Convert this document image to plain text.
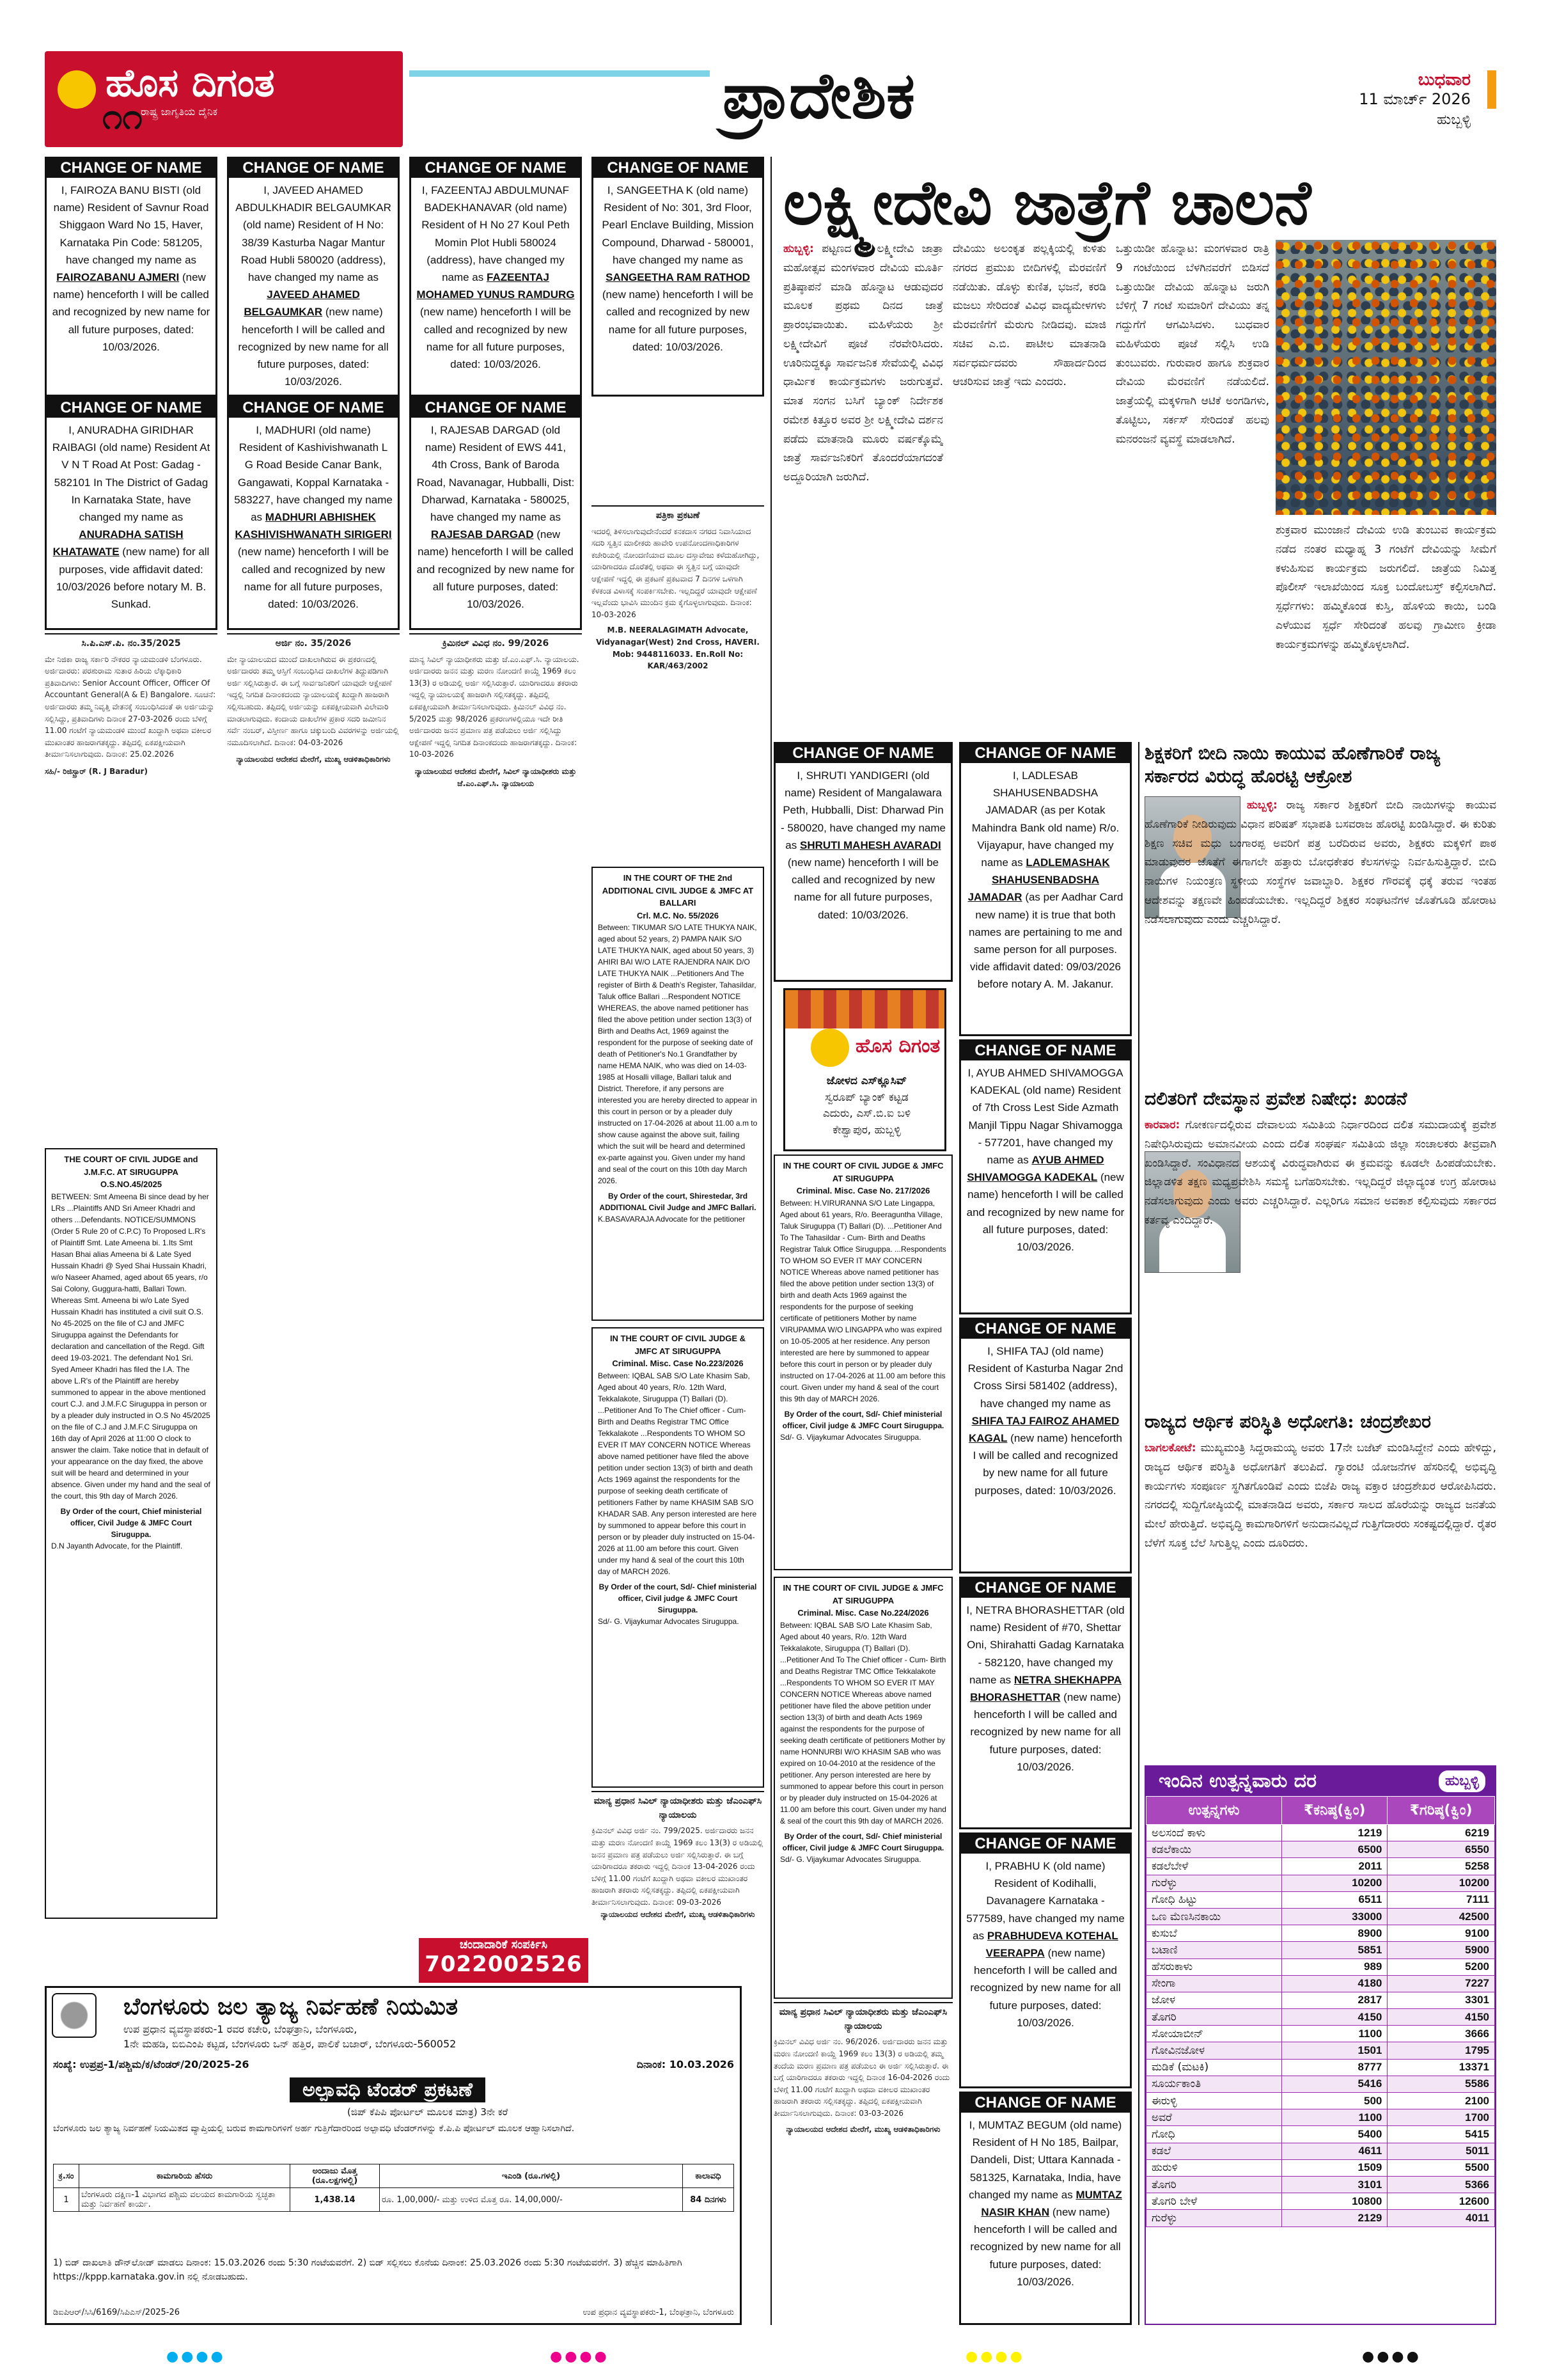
ಹೊಸ ದಿಗಂತ
ರಾಷ್ಟ್ರ ಜಾಗೃತಿಯ ದೈನಿಕ
೧೧	ಪ್ರಾದೇಶಿಕ	ಬುಧವಾರ
11 ಮಾರ್ಚ್ 2026
ಹುಬ್ಬಳ್ಳಿ
CHANGE OF NAME
I, FAIROZA BANU BISTI (old name) Resident of Savnur Road Shiggaon Ward No 15, Haver, Karnataka Pin Code: 581205, have changed my name as FAIROZABANU AJMERI (new name) henceforth I will be called and recognized by new name for all future purposes, dated: 10/03/2026.
CHANGE OF NAME
I, JAVEED AHAMED ABDULKHADIR BELGAUMKAR (old name) Resident of H No: 38/39 Kasturba Nagar Mantur Road Hubli 580020 (address), have changed my name as JAVEED AHAMED BELGAUMKAR (new name) henceforth I will be called and recognized by new name for all future purposes, dated: 10/03/2026.
CHANGE OF NAME
I, FAZEENTAJ ABDULMUNAF BADEKHANAVAR (old name) Resident of H No 27 Koul Peth Momin Plot Hubli 580024 (address), have changed my name as FAZEENTAJ MOHAMED YUNUS RAMDURG (new name) henceforth I will be called and recognized by new name for all future purposes, dated: 10/03/2026.
CHANGE OF NAME
I, SANGEETHA K (old name) Resident of No: 301, 3rd Floor, Pearl Enclave Building, Mission Compound, Dharwad - 580001, have changed my name as SANGEETHA RAM RATHOD (new name) henceforth I will be called and recognized by new name for all future purposes, dated: 10/03/2026.
CHANGE OF NAME
I, ANURADHA GIRIDHAR RAIBAGI (old name) Resident At V N T Road At Post: Gadag - 582101 In The District of Gadag In Karnataka State, have changed my name as ANURADHA SATISH KHATAWATE (new name) for all purposes, vide affidavit dated: 10/03/2026 before notary M. B. Sunkad.
CHANGE OF NAME
I, MADHURI (old name) Resident of Kashivishwanath L G Road Beside Canar Bank, Gangawati, Koppal Karnataka - 583227, have changed my name as MADHURI ABHISHEK KASHIVISHWANATH SIRIGERI (new name) henceforth I will be called and recognized by new name for all future purposes, dated: 10/03/2026.
CHANGE OF NAME
I, RAJESAB DARGAD (old name) Resident of EWS 441, 4th Cross, Bank of Baroda Road, Navanagar, Hubballi, Dist: Dharwad, Karnataka - 580025, have changed my name as RAJESAB DARGAD (new name) henceforth I will be called and recognized by new name for all future purposes, dated: 10/03/2026.
ಪತ್ರಿಕಾ ಪ್ರಕಟಣೆ
ಇದರಲ್ಲಿ ತಿಳಿಸಲಾಗುವುದೇನೆಂದರೆ ಕನಕದಾಸ ನಗರದ ನಿವಾಸಿಯಾದ ಸದರಿ ಸ್ವತ್ತಿನ ಮಾಲೀಕರು ಹಾವೇರಿ ಉಪನೋಂದಣಾಧಿಕಾರಿಗಳ ಕಚೇರಿಯಲ್ಲಿ ನೋಂದಣಿಯಾದ ಮೂಲ ದಸ್ತಾವೇಜು ಕಳೆದುಹೋಗಿದ್ದು, ಯಾರಿಗಾದರೂ ದೊರೆತಲ್ಲಿ ಅಥವಾ ಈ ಸ್ವತ್ತಿನ ಬಗ್ಗೆ ಯಾವುದೇ ಆಕ್ಷೇಪಣೆ ಇದ್ದಲ್ಲಿ ಈ ಪ್ರಕಟಣೆ ಪ್ರಕಟವಾದ 7 ದಿನಗಳ ಒಳಗಾಗಿ ಕೆಳಕಂಡ ವಿಳಾಸಕ್ಕೆ ಸಂಪರ್ಕಿಸಬೇಕು. ಇಲ್ಲದಿದ್ದರೆ ಯಾವುದೇ ಆಕ್ಷೇಪಣೆ ಇಲ್ಲವೆಂದು ಭಾವಿಸಿ ಮುಂದಿನ ಕ್ರಮ ಕೈಗೊಳ್ಳಲಾಗುವುದು. ದಿನಾಂಕ: 10-03-2026
M.B. NEERALAGIMATH Advocate, Vidyanagar(West) 2nd Cross, HAVERI. Mob: 9448116033. En.Roll No: KAR/463/2002
ಸಿ.ಪಿ.ಎಸ್.ಪಿ. ನಂ.35/2025
ಮೇ ನಿಜಿಕಾ ರಾಜ್ಯ ಸರ್ಕಾರಿ ನೌಕರರ ನ್ಯಾಯಮಂಡಳಿ ಬೆಂಗಳೂರು. ಅರ್ಜಿದಾರರು: ಪರಶುರಾಮ ಸುತಾರ ಹಿರಿಯ ಲೆಕ್ಕಾಧಿಕಾರಿ ಪ್ರತಿವಾದಿಗಳು: Senior Account Officer, Officer Of Accountant General(A & E) Bangalore. ಸೂಚನೆ: ಅರ್ಜಿದಾರರು ತಮ್ಮ ನಿವೃತ್ತಿ ವೇತನಕ್ಕೆ ಸಂಬಂಧಿಸಿದಂತೆ ಈ ಅರ್ಜಿಯನ್ನು ಸಲ್ಲಿಸಿದ್ದು, ಪ್ರತಿವಾದಿಗಳು ದಿನಾಂಕ 27-03-2026 ರಂದು ಬೆಳಿಗ್ಗೆ 11.00 ಗಂಟೆಗೆ ನ್ಯಾಯಮಂಡಳಿ ಮುಂದೆ ಖುದ್ದಾಗಿ ಅಥವಾ ವಕೀಲರ ಮುಖಾಂತರ ಹಾಜರಾಗತಕ್ಕದ್ದು. ತಪ್ಪಿದಲ್ಲಿ ಏಕಪಕ್ಷೀಯವಾಗಿ ತೀರ್ಮಾನಿಸಲಾಗುವುದು. ದಿನಾಂಕ: 25.02.2026
ಸಹಿ/- ರಿಜಿಸ್ಟ್ರಾರ್ (R. J Baradur)
ಅರ್ಜಿ ನಂ. 35/2026
ಮೇ ನ್ಯಾಯಾಲಯದ ಮುಂದೆ ದಾಖಲಾಗಿರುವ ಈ ಪ್ರಕರಣದಲ್ಲಿ ಅರ್ಜಿದಾರರು ತಮ್ಮ ಆಸ್ತಿಗೆ ಸಂಬಂಧಿಸಿದ ದಾಖಲೆಗಳ ತಿದ್ದುಪಡಿಗಾಗಿ ಅರ್ಜಿ ಸಲ್ಲಿಸಿರುತ್ತಾರೆ. ಈ ಬಗ್ಗೆ ಸಾರ್ವಜನಿಕರಿಗೆ ಯಾವುದೇ ಆಕ್ಷೇಪಣೆ ಇದ್ದಲ್ಲಿ ನಿಗದಿತ ದಿನಾಂಕದಂದು ನ್ಯಾಯಾಲಯಕ್ಕೆ ಖುದ್ದಾಗಿ ಹಾಜರಾಗಿ ಸಲ್ಲಿಸಬಹುದು. ತಪ್ಪಿದಲ್ಲಿ ಅರ್ಜಿಯನ್ನು ಏಕಪಕ್ಷೀಯವಾಗಿ ವಿಲೇವಾರಿ ಮಾಡಲಾಗುವುದು. ಕಂದಾಯ ದಾಖಲೆಗಳ ಪ್ರಕಾರ ಸದರಿ ಜಮೀನಿನ ಸರ್ವೆ ನಂಬರ್, ವಿಸ್ತೀರ್ಣ ಹಾಗೂ ಚಕ್ಕುಬಂದಿ ವಿವರಗಳನ್ನು ಅರ್ಜಿಯಲ್ಲಿ ನಮೂದಿಸಲಾಗಿದೆ. ದಿನಾಂಕ: 04-03-2026
ನ್ಯಾಯಾಲಯದ ಆದೇಶದ ಮೇರೆಗೆ, ಮುಖ್ಯ ಆಡಳಿತಾಧಿಕಾರಿಗಳು
ಕ್ರಿಮಿನಲ್ ವಿವಿಧ ನಂ. 99/2026
ಮಾನ್ಯ ಸಿವಿಲ್ ನ್ಯಾಯಾಧೀಶರು ಮತ್ತು ಜೆ.ಎಂ.ಎಫ್.ಸಿ. ನ್ಯಾಯಾಲಯ. ಅರ್ಜಿದಾರರು ಜನನ ಮತ್ತು ಮರಣ ನೋಂದಣಿ ಕಾಯ್ದೆ 1969 ಕಲಂ 13(3) ರ ಅಡಿಯಲ್ಲಿ ಅರ್ಜಿ ಸಲ್ಲಿಸಿರುತ್ತಾರೆ. ಯಾರಿಗಾದರೂ ತಕರಾರು ಇದ್ದಲ್ಲಿ ನ್ಯಾಯಾಲಯಕ್ಕೆ ಹಾಜರಾಗಿ ಸಲ್ಲಿಸತಕ್ಕದ್ದು. ತಪ್ಪಿದಲ್ಲಿ ಏಕಪಕ್ಷೀಯವಾಗಿ ತೀರ್ಮಾನಿಸಲಾಗುವುದು. ಕ್ರಿಮಿನಲ್ ವಿವಿಧ ನಂ. 5/2025 ಮತ್ತು 98/2026 ಪ್ರಕರಣಗಳಲ್ಲಿಯೂ ಇದೇ ರೀತಿ ಅರ್ಜಿದಾರರು ಜನನ ಪ್ರಮಾಣ ಪತ್ರ ಪಡೆಯಲು ಅರ್ಜಿ ಸಲ್ಲಿಸಿದ್ದು ಆಕ್ಷೇಪಣೆ ಇದ್ದಲ್ಲಿ ನಿಗದಿತ ದಿನಾಂಕದಂದು ಹಾಜರಾಗತಕ್ಕದ್ದು. ದಿನಾಂಕ: 10-03-2026
ನ್ಯಾಯಾಲಯದ ಆದೇಶದ ಮೇರೆಗೆ, ಸಿವಿಲ್ ನ್ಯಾಯಾಧೀಶರು ಮತ್ತು ಜೆ.ಎಂ.ಎಫ್.ಸಿ. ನ್ಯಾಯಾಲಯ
ಚಂದಾದಾರಿಕೆ ಸಂಪರ್ಕಿಸಿ
7022002526
THE COURT OF CIVIL JUDGE and J.M.F.C. AT SIRUGUPPA
O.S.NO.45/2025
BETWEEN: Smt Ameena Bi since dead by her LRs ...Plaintiffs AND Sri Ameer Khadri and others ...Defendants. NOTICE/SUMMONS (Order 5 Rule 20 of C.P.C) To Proposed L.R's of Plaintiff Smt. Late Ameena bi. 1.Its Smt Hasan Bhai alias Ameena bi & Late Syed Hussain Khadri @ Syed Shai Hussain Khadri, w/o Naseer Ahamed, aged about 65 years, r/o Sai Colony, Guggura-hatti, Ballari Town. Whereas Smt. Ameena bi w/o Late Syed Hussain Khadri has instituted a civil suit O.S. No 45-2025 on the file of CJ and JMFC Siruguppa against the Defendants for declaration and cancellation of the Regd. Gift deed 19-03-2021. The defendant No1 Sri. Syed Ameer Khadri has filed the I.A. The above L.R's of the Plaintiff are hereby summoned to appear in the above mentioned court C.J. and J.M.F.C Siruguppa in person or by a pleader duly instructed in O.S No 45/2025 on the file of C.J and J.M.F.C Siruguppa on 16th day of April 2026 at 11:00 O clock to answer the claim. Take notice that in default of your appearance on the day fixed, the above suit will be heard and determined in your absence. Given under my hand and the seal of the court, this 9th day of March 2026.
By Order of the court, Chief ministerial officer, Civil Judge & JMFC Court Siruguppa.
D.N Jayanth Advocate, for the Plaintiff.
IN THE COURT OF THE 2nd ADDITIONAL CIVIL JUDGE & JMFC AT BALLARI
Crl. M.C. No. 55/2026
Between: TIKUMAR S/O LATE THUKYA NAIK, aged about 52 years, 2) PAMPA NAIK S/O LATE THUKYA NAIK, aged about 50 years, 3) AHIRI BAI W/O LATE RAJENDRA NAIK D/O LATE THUKYA NAIK ...Petitioners And The register of Birth & Death's Register, Tahasildar, Taluk office Ballari ...Respondent NOTICE WHEREAS, the above named petitioner has filed the above petition under section 13(3) of Birth and Deaths Act, 1969 against the respondent for the purpose of seeking date of death of Petitioner's No.1 Grandfather by name HEMA NAIK, who was died on 14-03-1985 at Hosalli village, Ballari taluk and District. Therefore, if any persons are interested you are hereby directed to appear in this court in person or by a pleader duly instructed on 17-04-2026 at about 11.00 a.m to show cause against the above suit, failing which the suit will be heard and determined ex-parte against you. Given under my hand and seal of the court on this 10th day March 2026.
By Order of the court, Shirestedar, 3rd ADDITIONAL Civil Judge and JMFC Ballari.
K.BASAVARAJA Advocate for the petitioner
IN THE COURT OF CIVIL JUDGE & JMFC AT SIRUGUPPA
Criminal. Misc. Case No.223/2026
Between: IQBAL SAB S/O Late Khasim Sab, Aged about 40 years, R/o. 12th Ward, Tekkalakote, Siruguppa (T) Ballari (D). ...Petitioner And To The Chief officer - Cum- Birth and Deaths Registrar TMC Office Tekkalakote ...Respondents TO WHOM SO EVER IT MAY CONCERN NOTICE Whereas above named petitioner have filed the above petition under section 13(3) of birth and death Acts 1969 against the respondents for the purpose of seeking death certificate of petitioners Father by name KHASIM SAB S/O KHADAR SAB. Any person interested are here by summoned to appear before this court in person or by pleader duly instructed on 15-04-2026 at 11.00 am before this court. Given under my hand & seal of the court this 10th day of MARCH 2026.
By Order of the court, Sd/- Chief ministerial officer, Civil judge & JMFC Court Siruguppa.
Sd/- G. Vijaykumar Advocates Siruguppa.
ಮಾನ್ಯ ಪ್ರಧಾನ ಸಿವಿಲ್ ನ್ಯಾಯಾಧೀಶರು ಮತ್ತು ಜೆಎಂಎಫ್‌ಸಿ ನ್ಯಾಯಾಲಯ
ಕ್ರಿಮಿನಲ್ ವಿವಿಧ ಅರ್ಜಿ ನಂ. 799/2025. ಅರ್ಜಿದಾರರು ಜನನ ಮತ್ತು ಮರಣ ನೋಂದಣಿ ಕಾಯ್ದೆ 1969 ಕಲಂ 13(3) ರ ಅಡಿಯಲ್ಲಿ ಜನನ ಪ್ರಮಾಣ ಪತ್ರ ಪಡೆಯಲು ಅರ್ಜಿ ಸಲ್ಲಿಸಿರುತ್ತಾರೆ. ಈ ಬಗ್ಗೆ ಯಾರಿಗಾದರೂ ತಕರಾರು ಇದ್ದಲ್ಲಿ ದಿನಾಂಕ 13-04-2026 ರಂದು ಬೆಳಿಗ್ಗೆ 11.00 ಗಂಟೆಗೆ ಖುದ್ದಾಗಿ ಅಥವಾ ವಕೀಲರ ಮುಖಾಂತರ ಹಾಜರಾಗಿ ತಕರಾರು ಸಲ್ಲಿಸತಕ್ಕದ್ದು. ತಪ್ಪಿದಲ್ಲಿ ಏಕಪಕ್ಷೀಯವಾಗಿ ತೀರ್ಮಾನಿಸಲಾಗುವುದು. ದಿನಾಂಕ: 09-03-2026
ನ್ಯಾಯಾಲಯದ ಆದೇಶದ ಮೇರೆಗೆ, ಮುಖ್ಯ ಆಡಳಿತಾಧಿಕಾರಿಗಳು
ಲಕ್ಷ್ಮೀದೇವಿ ಜಾತ್ರೆಗೆ ಚಾಲನೆ
ಹುಬ್ಬಳ್ಳಿ: ಪಟ್ಟಣದ ಶ್ರೀ ಲಕ್ಷ್ಮೀದೇವಿ ಜಾತ್ರಾ ಮಹೋತ್ಸವ ಮಂಗಳವಾರ ದೇವಿಯ ಮೂರ್ತಿ ಪ್ರತಿಷ್ಠಾಪನೆ ಮಾಡಿ ಹೊನ್ನಾಟ ಆಡುವುದರ ಮೂಲಕ ಪ್ರಥಮ ದಿನದ ಜಾತ್ರೆ ಪ್ರಾರಂಭವಾಯಿತು. ಮಹಿಳೆಯರು ಶ್ರೀ ಲಕ್ಷ್ಮೀದೇವಿಗೆ ಪೂಜೆ ನೆರವೇರಿಸಿದರು. ಊರಿನುದ್ದಕ್ಕೂ ಸಾರ್ವಜನಿಕ ಸೇವೆಯಲ್ಲಿ ವಿವಿಧ ಧಾರ್ಮಿಕ ಕಾರ್ಯಕ್ರಮಗಳು ಜರುಗುತ್ತವೆ. ಮಾತ ಸಂಗನ ಬಸಿಗೆ ಬ್ಯಾಂಕ್ ನಿರ್ದೇಶಕ ರಮೇಶ ಕಿತ್ತೂರ ಅವರ ಶ್ರೀ ಲಕ್ಷ್ಮೀದೇವಿ ದರ್ಶನ ಪಡೆದು ಮಾತನಾಡಿ ಮೂರು ವರ್ಷಕ್ಕೊಮ್ಮೆ ಜಾತ್ರೆ ಸಾರ್ವಜನಿಕರಿಗೆ ತೊಂದರೆಯಾಗದಂತೆ ಅದ್ದೂರಿಯಾಗಿ ಜರುಗಿದೆ.
ದೇವಿಯು ಅಲಂಕೃತ ಪಲ್ಲಕ್ಕಿಯಲ್ಲಿ ಕುಳಿತು ನಗರದ ಪ್ರಮುಖ ಬೀದಿಗಳಲ್ಲಿ ಮೆರವಣಿಗೆ ನಡೆಯಿತು. ಡೊಳ್ಳು ಕುಣಿತ, ಭಜನೆ, ಕರಡಿ ಮಜಲು ಸೇರಿದಂತೆ ವಿವಿಧ ವಾದ್ಯಮೇಳಗಳು ಮೆರವಣಿಗೆಗೆ ಮೆರುಗು ನೀಡಿದವು. ಮಾಜಿ ಸಚಿವ ಎ.ಬಿ. ಪಾಟೀಲ ಮಾತನಾಡಿ ಸರ್ವಧರ್ಮದವರು ಸೌಹಾರ್ದದಿಂದ ಆಚರಿಸುವ ಜಾತ್ರೆ ಇದು ಎಂದರು.
ಒತ್ತುಯಿಡೀ ಹೊನ್ನಾಟ: ಮಂಗಳವಾರ ರಾತ್ರಿ 9 ಗಂಟೆಯಿಂದ ಬೆಳಗಿನವರೆಗೆ ಬಿಡಿಸದೆ ಒತ್ತುಯಿಡೀ ದೇವಿಯ ಹೊನ್ನಾಟ ಜರುಗಿ ಬೆಳಿಗ್ಗೆ 7 ಗಂಟೆ ಸುಮಾರಿಗೆ ದೇವಿಯು ತನ್ನ ಗದ್ದುಗೆಗೆ ಆಗಮಿಸಿದಳು. ಬುಧವಾರ ಮಹಿಳೆಯರು ಪೂಜೆ ಸಲ್ಲಿಸಿ ಉಡಿ ತುಂಬುವರು. ಗುರುವಾರ ಹಾಗೂ ಶುಕ್ರವಾರ ದೇವಿಯ ಮೆರವಣಿಗೆ ನಡೆಯಲಿದೆ. ಜಾತ್ರೆಯಲ್ಲಿ ಮಕ್ಕಳಿಗಾಗಿ ಆಟಿಕೆ ಅಂಗಡಿಗಳು, ತೊಟ್ಟಿಲು, ಸರ್ಕಸ್ ಸೇರಿದಂತೆ ಹಲವು ಮನರಂಜನೆ ವ್ಯವಸ್ಥೆ ಮಾಡಲಾಗಿದೆ.
ಶುಕ್ರವಾರ ಮುಂಜಾನೆ ದೇವಿಯ ಉಡಿ ತುಂಬುವ ಕಾರ್ಯಕ್ರಮ ನಡೆದ ನಂತರ ಮಧ್ಯಾಹ್ನ 3 ಗಂಟೆಗೆ ದೇವಿಯನ್ನು ಸೀಮೆಗೆ ಕಳುಹಿಸುವ ಕಾರ್ಯಕ್ರಮ ಜರುಗಲಿದೆ. ಜಾತ್ರೆಯ ನಿಮಿತ್ತ ಪೊಲೀಸ್ ಇಲಾಖೆಯಿಂದ ಸೂಕ್ತ ಬಂದೋಬಸ್ತ್ ಕಲ್ಪಿಸಲಾಗಿದೆ. ಸ್ಪರ್ಧೆಗಳು: ಹಮ್ಮಿಕೊಂಡ ಕುಸ್ತಿ, ಹೊಳಿಯ ಕಾಯಿ, ಬಂಡಿ ಎಳೆಯುವ ಸ್ಪರ್ಧೆ ಸೇರಿದಂತೆ ಹಲವು ಗ್ರಾಮೀಣ ಕ್ರೀಡಾ ಕಾರ್ಯಕ್ರಮಗಳನ್ನು ಹಮ್ಮಿಕೊಳ್ಳಲಾಗಿದೆ.
CHANGE OF NAME
I, SHRUTI YANDIGERI (old name) Resident of Mangalawara Peth, Hubballi, Dist: Dharwad Pin - 580020, have changed my name as SHRUTI MAHESH AVARADI (new name) henceforth I will be called and recognized by new name for all future purposes, dated: 10/03/2026.
CHANGE OF NAME
I, LADLESAB SHAHUSENBADSHA JAMADAR (as per Kotak Mahindra Bank old name) R/o. Vijayapur, have changed my name as LADLEMASHAK SHAHUSENBADSHA JAMADAR (as per Aadhar Card new name) it is true that both names are pertaining to me and same person for all purposes. vide affidavit dated: 09/03/2026 before notary A. M. Jakanur.
CHANGE OF NAME
I, AYUB AHMED SHIVAMOGGA KADEKAL (old name) Resident of 7th Cross Lest Side Azmath Manjil Tippu Nagar Shivamogga - 577201, have changed my name as AYUB AHMED SHIVAMOGGA KADEKAL (new name) henceforth I will be called and recognized by new name for all future purposes, dated: 10/03/2026.
CHANGE OF NAME
I, SHIFA TAJ (old name) Resident of Kasturba Nagar 2nd Cross Sirsi 581402 (address), have changed my name as SHIFA TAJ FAIROZ AHAMED KAGAL (new name) henceforth I will be called and recognized by new name for all future purposes, dated: 10/03/2026.
CHANGE OF NAME
I, NETRA BHORASHETTAR (old name) Resident of #70, Shettar Oni, Shirahatti Gadag Karnataka - 582120, have changed my name as NETRA SHEKHAPPA BHORASHETTAR (new name) henceforth I will be called and recognized by new name for all future purposes, dated: 10/03/2026.
CHANGE OF NAME
I, PRABHU K (old name) Resident of Kodihalli, Davanagere Karnataka - 577589, have changed my name as PRABHUDEVA KOTEHAL VEERAPPA (new name) henceforth I will be called and recognized by new name for all future purposes, dated: 10/03/2026.
CHANGE OF NAME
I, MUMTAZ BEGUM (old name) Resident of H No 185, Bailpar, Dandeli, Dist; Uttara Kannada - 581325, Karnataka, India, have changed my name as MUMTAZ NASIR KHAN (new name) henceforth I will be called and recognized by new name for all future purposes, dated: 10/03/2026.
ಹೊಸ ದಿಗಂತ
ಜೋಳದ ಎಸ್‌ಕ್ಲೂಸಿವ್
ಸ್ವರೂಪ್ ಬ್ಯಾಂಕ್ ಕಟ್ಟಡ
ಎದುರು, ಎಸ್.ಬಿ.ಐ ಬಳಿ
ಕೇಶ್ವಾಪುರ, ಹುಬ್ಬಳ್ಳಿ
IN THE COURT OF CIVIL JUDGE & JMFC AT SIRUGUPPA
Criminal. Misc. Case No. 217/2026
Between: H.VIRURANNA S/O Late Lingappa, Aged about 61 years, R/o. Beeraguntha Village, Taluk Siruguppa (T) Ballari (D). ...Petitioner And To The Tahasildar - Cum- Birth and Deaths Registrar Taluk Office Siruguppa. ...Respondents TO WHOM SO EVER IT MAY CONCERN NOTICE Whereas above named petitioner has filed the above petition under section 13(3) of birth and death Acts 1969 against the respondents for the purpose of seeking certificate of petitioners Mother by name VIRUPAMMA W/O LINGAPPA who was expired on 10-05-2005 at her residence. Any person interested are here by summoned to appear before this court in person or by pleader duly instructed on 17-04-2026 at 11.00 am before this court. Given under my hand & seal of the court this 9th day of MARCH 2026.
By Order of the court, Sd/- Chief ministerial officer, Civil judge & JMFC Court Siruguppa.
Sd/- G. Vijaykumar Advocates Siruguppa.
IN THE COURT OF CIVIL JUDGE & JMFC AT SIRUGUPPA
Criminal. Misc. Case No.224/2026
Between: IQBAL SAB S/O Late Khasim Sab, Aged about 40 years, R/o. 12th Ward Tekkalakote, Siruguppa (T) Ballari (D). ...Petitioner And To The Chief officer - Cum- Birth and Deaths Registrar TMC Office Tekkalakote ...Respondents TO WHOM SO EVER IT MAY CONCERN NOTICE Whereas above named petitioner have filed the above petition under section 13(3) of birth and death Acts 1969 against the respondents for the purpose of seeking death certificate of petitioners Mother by name HONNURBI W/O KHASIM SAB who was expired on 10-04-2010 at the residence of the petitioner. Any person interested are here by summoned to appear before this court in person or by pleader duly instructed on 15-04-2026 at 11.00 am before this court. Given under my hand & seal of the court this 9th day of MARCH 2026.
By Order of the court, Sd/- Chief ministerial officer, Civil judge & JMFC Court Siruguppa.
Sd/- G. Vijaykumar Advocates Siruguppa.
ಮಾನ್ಯ ಪ್ರಧಾನ ಸಿವಿಲ್ ನ್ಯಾಯಾಧೀಶರು ಮತ್ತು ಜೆಎಂಎಫ್‌ಸಿ ನ್ಯಾಯಾಲಯ
ಕ್ರಿಮಿನಲ್ ವಿವಿಧ ಅರ್ಜಿ ನಂ. 96/2026. ಅರ್ಜಿದಾರರು ಜನನ ಮತ್ತು ಮರಣ ನೋಂದಣಿ ಕಾಯ್ದೆ 1969 ಕಲಂ 13(3) ರ ಅಡಿಯಲ್ಲಿ ತಮ್ಮ ತಂದೆಯ ಮರಣ ಪ್ರಮಾಣ ಪತ್ರ ಪಡೆಯಲು ಈ ಅರ್ಜಿ ಸಲ್ಲಿಸಿರುತ್ತಾರೆ. ಈ ಬಗ್ಗೆ ಯಾರಿಗಾದರೂ ತಕರಾರು ಇದ್ದಲ್ಲಿ ದಿನಾಂಕ 16-04-2026 ರಂದು ಬೆಳಿಗ್ಗೆ 11.00 ಗಂಟೆಗೆ ಖುದ್ದಾಗಿ ಅಥವಾ ವಕೀಲರ ಮುಖಾಂತರ ಹಾಜರಾಗಿ ತಕರಾರು ಸಲ್ಲಿಸತಕ್ಕದ್ದು. ತಪ್ಪಿದಲ್ಲಿ ಏಕಪಕ್ಷೀಯವಾಗಿ ತೀರ್ಮಾನಿಸಲಾಗುವುದು. ದಿನಾಂಕ: 03-03-2026
ನ್ಯಾಯಾಲಯದ ಆದೇಶದ ಮೇರೆಗೆ, ಮುಖ್ಯ ಆಡಳಿತಾಧಿಕಾರಿಗಳು
ಶಿಕ್ಷಕರಿಗೆ ಬೀದಿ ನಾಯಿ ಕಾಯುವ ಹೊಣೆಗಾರಿಕೆ ರಾಜ್ಯ ಸರ್ಕಾರದ ವಿರುದ್ಧ ಹೊರಟ್ಟಿ ಆಕ್ರೋಶ
ಹುಬ್ಬಳ್ಳಿ: ರಾಜ್ಯ ಸರ್ಕಾರ ಶಿಕ್ಷಕರಿಗೆ ಬೀದಿ ನಾಯಿಗಳನ್ನು ಕಾಯುವ ಹೊಣೆಗಾರಿಕೆ ನೀಡಿರುವುದು ವಿಧಾನ ಪರಿಷತ್ ಸಭಾಪತಿ ಬಸವರಾಜ ಹೊರಟ್ಟಿ ಖಂಡಿಸಿದ್ದಾರೆ. ಈ ಕುರಿತು ಶಿಕ್ಷಣ ಸಚಿವ ಮಧು ಬಂಗಾರಪ್ಪ ಅವರಿಗೆ ಪತ್ರ ಬರೆದಿರುವ ಅವರು, ಶಿಕ್ಷಕರು ಮಕ್ಕಳಿಗೆ ಪಾಠ ಮಾಡುವುದರ ಜೊತೆಗೆ ಈಗಾಗಲೇ ಹತ್ತಾರು ಬೋಧಕೇತರ ಕೆಲಸಗಳನ್ನು ನಿರ್ವಹಿಸುತ್ತಿದ್ದಾರೆ. ಬೀದಿ ನಾಯಿಗಳ ನಿಯಂತ್ರಣ ಸ್ಥಳೀಯ ಸಂಸ್ಥೆಗಳ ಜವಾಬ್ದಾರಿ. ಶಿಕ್ಷಕರ ಗೌರವಕ್ಕೆ ಧಕ್ಕೆ ತರುವ ಇಂತಹ ಆದೇಶವನ್ನು ತಕ್ಷಣವೇ ಹಿಂಪಡೆಯಬೇಕು. ಇಲ್ಲದಿದ್ದರೆ ಶಿಕ್ಷಕರ ಸಂಘಟನೆಗಳ ಜೊತೆಗೂಡಿ ಹೋರಾಟ ನಡೆಸಲಾಗುವುದು ಎಂದು ಎಚ್ಚರಿಸಿದ್ದಾರೆ.
ದಲಿತರಿಗೆ ದೇವಸ್ಥಾನ ಪ್ರವೇಶ ನಿಷೇಧ: ಖಂಡನೆ
ಕಾರವಾರ: ಗೋಕರ್ಣದಲ್ಲಿರುವ ದೇವಾಲಯ ಸಮಿತಿಯ ನಿರ್ಧಾರದಿಂದ ದಲಿತ ಸಮುದಾಯಕ್ಕೆ ಪ್ರವೇಶ ನಿಷೇಧಿಸಿರುವುದು ಅಮಾನವೀಯ ಎಂದು ದಲಿತ ಸಂಘರ್ಷ ಸಮಿತಿಯ ಜಿಲ್ಲಾ ಸಂಚಾಲಕರು ತೀವ್ರವಾಗಿ ಖಂಡಿಸಿದ್ದಾರೆ. ಸಂವಿಧಾನದ ಆಶಯಕ್ಕೆ ವಿರುದ್ಧವಾಗಿರುವ ಈ ಕ್ರಮವನ್ನು ಕೂಡಲೇ ಹಿಂಪಡೆಯಬೇಕು. ಜಿಲ್ಲಾಡಳಿತ ತಕ್ಷಣ ಮಧ್ಯಪ್ರವೇಶಿಸಿ ಸಮಸ್ಯೆ ಬಗೆಹರಿಸಬೇಕು. ಇಲ್ಲದಿದ್ದರೆ ಜಿಲ್ಲಾದ್ಯಂತ ಉಗ್ರ ಹೋರಾಟ ನಡೆಸಲಾಗುವುದು ಎಂದು ಅವರು ಎಚ್ಚರಿಸಿದ್ದಾರೆ. ಎಲ್ಲರಿಗೂ ಸಮಾನ ಅವಕಾಶ ಕಲ್ಪಿಸುವುದು ಸರ್ಕಾರದ ಕರ್ತವ್ಯ ಎಂದಿದ್ದಾರೆ.
ರಾಜ್ಯದ ಆರ್ಥಿಕ ಪರಿಸ್ಥಿತಿ ಅಧೋಗತಿ: ಚಂದ್ರಶೇಖರ
ಬಾಗಲಕೋಟೆ: ಮುಖ್ಯಮಂತ್ರಿ ಸಿದ್ದರಾಮಯ್ಯ ಅವರು 17ನೇ ಬಜೆಟ್ ಮಂಡಿಸಿದ್ದೇನೆ ಎಂದು ಹೇಳಿದ್ದು, ರಾಜ್ಯದ ಆರ್ಥಿಕ ಪರಿಸ್ಥಿತಿ ಅಧೋಗತಿಗೆ ತಲುಪಿದೆ. ಗ್ಯಾರಂಟಿ ಯೋಜನೆಗಳ ಹೆಸರಿನಲ್ಲಿ ಅಭಿವೃದ್ಧಿ ಕಾರ್ಯಗಳು ಸಂಪೂರ್ಣ ಸ್ಥಗಿತಗೊಂಡಿವೆ ಎಂದು ಬಿಜೆಪಿ ರಾಜ್ಯ ವಕ್ತಾರ ಚಂದ್ರಶೇಖರ ಆರೋಪಿಸಿದರು. ನಗರದಲ್ಲಿ ಸುದ್ದಿಗೋಷ್ಠಿಯಲ್ಲಿ ಮಾತನಾಡಿದ ಅವರು, ಸರ್ಕಾರ ಸಾಲದ ಹೊರೆಯನ್ನು ರಾಜ್ಯದ ಜನತೆಯ ಮೇಲೆ ಹೇರುತ್ತಿದೆ. ಅಭಿವೃದ್ಧಿ ಕಾಮಗಾರಿಗಳಿಗೆ ಅನುದಾನವಿಲ್ಲದೆ ಗುತ್ತಿಗೆದಾರರು ಸಂಕಷ್ಟದಲ್ಲಿದ್ದಾರೆ. ರೈತರ ಬೆಳೆಗೆ ಸೂಕ್ತ ಬೆಲೆ ಸಿಗುತ್ತಿಲ್ಲ ಎಂದು ದೂರಿದರು.
ಇಂದಿನ ಉತ್ಪನ್ನವಾರು ದರ	ಹುಬ್ಬಳ್ಳಿ
ಉತ್ಪನ್ನಗಳು	₹ಕನಿಷ್ಠ(ಕ್ವಿಂ)	₹ಗರಿಷ್ಠ(ಕ್ವಿಂ)
ಅಲಸಂದೆ ಕಾಳು	1219	6219
ಕಡಲೆಕಾಯಿ	6500	6550
ಕಡಲೆಬೇಳೆ	2011	5258
ಗುರೆಳ್ಳು	10200	10200
ಗೋಧಿ ಹಿಟ್ಟು	6511	7111
ಒಣ ಮೆಣಸಿನಕಾಯಿ	33000	42500
ಕುಸುಬೆ	8900	9100
ಬಟಾಣಿ	5851	5900
ಹೆಸರುಕಾಳು	989	5200
ಸೇಂಗಾ	4180	7227
ಜೋಳ	2817	3301
ತೊಗರಿ	4150	4150
ಸೋಯಾಬೀನ್	1100	3666
ಗೋವಿನಜೋಳ	1501	1795
ಮಡಿಕೆ (ಮಟಕಿ)	8777	13371
ಸೂರ್ಯಕಾಂತಿ	5416	5586
ಈರುಳ್ಳಿ	500	2100
ಅವರೆ	1100	1700
ಗೋಧಿ	5400	5415
ಕಡಲೆ	4611	5011
ಹುರುಳಿ	1509	5500
ತೊಗರಿ	3101	5366
ತೊಗರಿ ಬೇಳೆ	10800	12600
ಗುರೆಳ್ಳು	2129	4011
ಬೆಂಗಳೂರು ಜಲ ತ್ಯಾಜ್ಯ ನಿರ್ವಹಣೆ ನಿಯಮಿತ
ಉಪ ಪ್ರಧಾನ ವ್ಯವಸ್ಥಾಪಕರು-1 ರವರ ಕಚೇರಿ, ಬೆಂಘತ್ರಾನಿ, ಬೆಂಗಳೂರು,
1ನೇ ಮಹಡಿ, ಬಿಬಿಎಂಪಿ ಕಟ್ಟಡ, ಬೆಂಗಳೂರು ಒನ್ ಹತ್ತಿರ, ಪಾಲಿಕೆ ಬಜಾರ್, ಬೆಂಗಳೂರು-560052
ಸಂಖ್ಯೆ: ಉಪ್ರಪ್ರ-1/ಪಶ್ಚಿಮ/ಕ/ಟೆಂಡರ್/20/2025-26	ದಿನಾಂಕ: 10.03.2026
ಅಲ್ಪಾವಧಿ ಟೆಂಡರ್ ಪ್ರಕಟಣೆ
(ಜಿಪ್ ಕೆಪಿಪಿ ಪೋರ್ಟಲ್ ಮೂಲಕ ಮಾತ್ರ) 3ನೇ ಕರೆ
ಬೆಂಗಳೂರು ಜಲ ತ್ಯಾಜ್ಯ ನಿರ್ವಹಣೆ ನಿಯಮಿತದ ವ್ಯಾಪ್ತಿಯಲ್ಲಿ ಬರುವ ಕಾಮಗಾರಿಗಳಿಗೆ ಅರ್ಹ ಗುತ್ತಿಗೆದಾರರಿಂದ ಅಲ್ಪಾವಧಿ ಟೆಂಡರ್‌ಗಳನ್ನು ಕೆ.ಪಿ.ಪಿ ಪೋರ್ಟಲ್ ಮೂಲಕ ಆಹ್ವಾನಿಸಲಾಗಿದೆ.
ಕ್ರ.ಸಂ	ಕಾಮಗಾರಿಯ ಹೆಸರು	ಅಂದಾಜು ಮೊತ್ತ (ರೂ.ಲಕ್ಷಗಳಲ್ಲಿ)	ಇಎಂಡಿ (ರೂ.ಗಳಲ್ಲಿ)	ಕಾಲಾವಧಿ
1	ಬೆಂಗಳೂರು ದಕ್ಷಿಣ-1 ವಿಭಾಗದ ಪಶ್ಚಿಮ ವಲಯದ ಕಾಮಗಾರಿಯ ಸ್ವಚ್ಛತಾ ಮತ್ತು ನಿರ್ವಹಣೆ ಕಾರ್ಯ.	1,438.14	ರೂ. 1,00,000/- ಮತ್ತು ಉಳಿದ ಮೊತ್ತ ರೂ. 14,00,000/-	84 ದಿನಗಳು
1) ಬಿಡ್ ದಾಖಲಾತಿ ಡೌನ್‌ಲೋಡ್ ಮಾಡಲು ದಿನಾಂಕ: 15.03.2026 ರಂದು 5:30 ಗಂಟೆಯವರೆಗೆ. 2) ಬಿಡ್ ಸಲ್ಲಿಸಲು ಕೊನೆಯ ದಿನಾಂಕ: 25.03.2026 ರಂದು 5:30 ಗಂಟೆಯವರೆಗೆ. 3) ಹೆಚ್ಚಿನ ಮಾಹಿತಿಗಾಗಿ https://kppp.karnataka.gov.in ನಲ್ಲಿ ನೋಡಬಹುದು.
ಡಿಐಪಿಆರ್/ಸಿಸಿ/6169/ಸಿಪಿಎಸ್/2025-26	ಉಪ ಪ್ರಧಾನ ವ್ಯವಸ್ಥಾಪಕರು-1, ಬೆಂಘತ್ರಾನಿ, ಬೆಂಗಳೂರು
●●●●	●●●●	●●●●	●●●●
